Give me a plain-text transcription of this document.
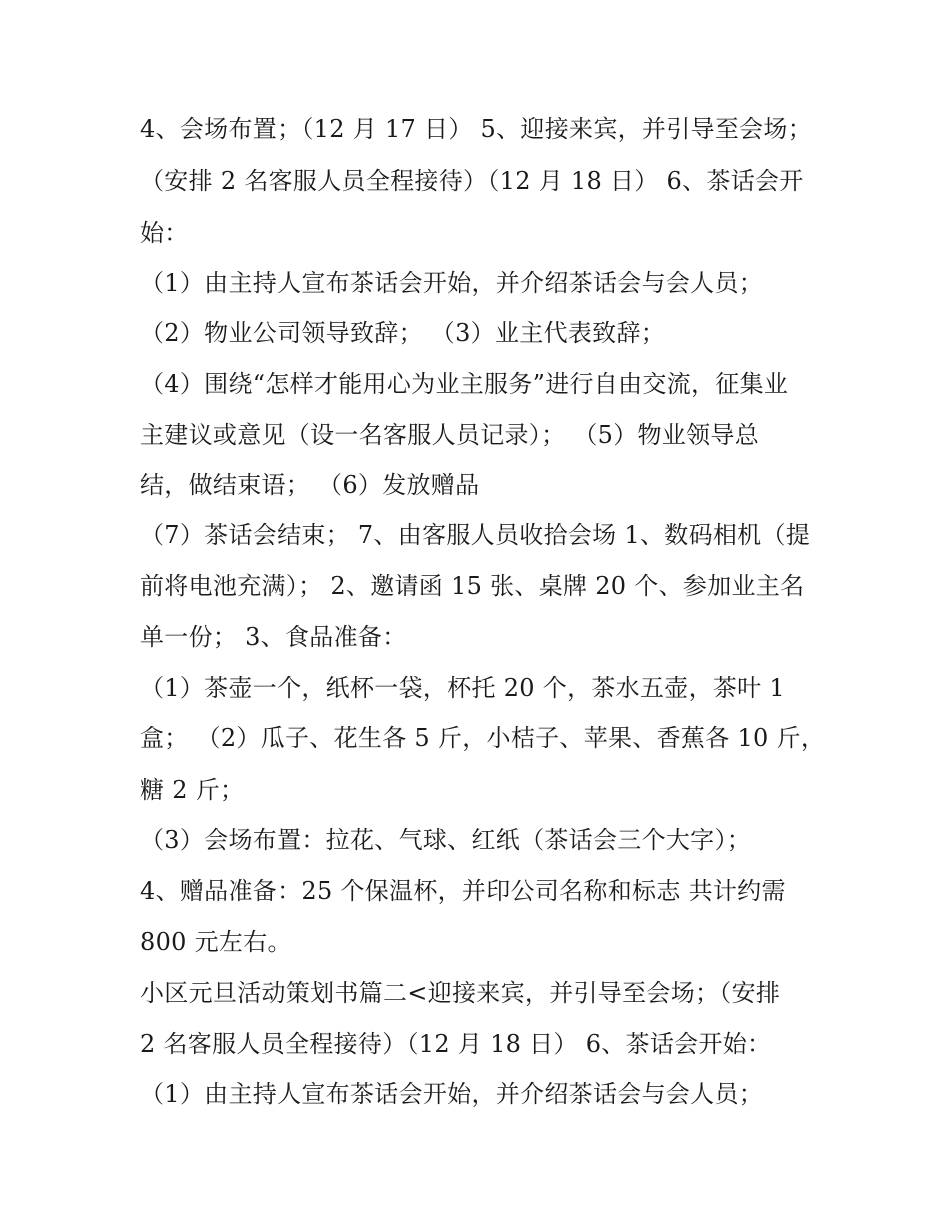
4、会场布置；（12 月 17 日） 5、迎接来宾，并引导至会场；
（安排 2 名客服人员全程接待）（12 月 18 日） 6、茶话会开
始：
（1）由主持人宣布茶话会开始，并介绍茶话会与会人员；
（2）物业公司领导致辞； （3）业主代表致辞；
（4）围绕“怎样才能用心为业主服务”进行自由交流，征集业
主建议或意见（设一名客服人员记录）； （5）物业领导总
结，做结束语； （6）发放赠品
（7）茶话会结束； 7、由客服人员收拾会场 1、数码相机（提
前将电池充满）； 2、邀请函 15 张、桌牌 20 个、参加业主名
单一份； 3、食品准备：
（1）茶壶一个，纸杯一袋，杯托 20 个，茶水五壶，茶叶 1
盒； （2）瓜子、花生各 5 斤，小桔子、苹果、香蕉各 10 斤，
糖 2 斤；
（3）会场布置：拉花、气球、红纸（茶话会三个大字）；
4、赠品准备：25 个保温杯，并印公司名称和标志 共计约需
800 元左右。
小区元旦活动策划书篇二<迎接来宾，并引导至会场；（安排
2 名客服人员全程接待）（12 月 18 日） 6、茶话会开始：
（1）由主持人宣布茶话会开始，并介绍茶话会与会人员；
